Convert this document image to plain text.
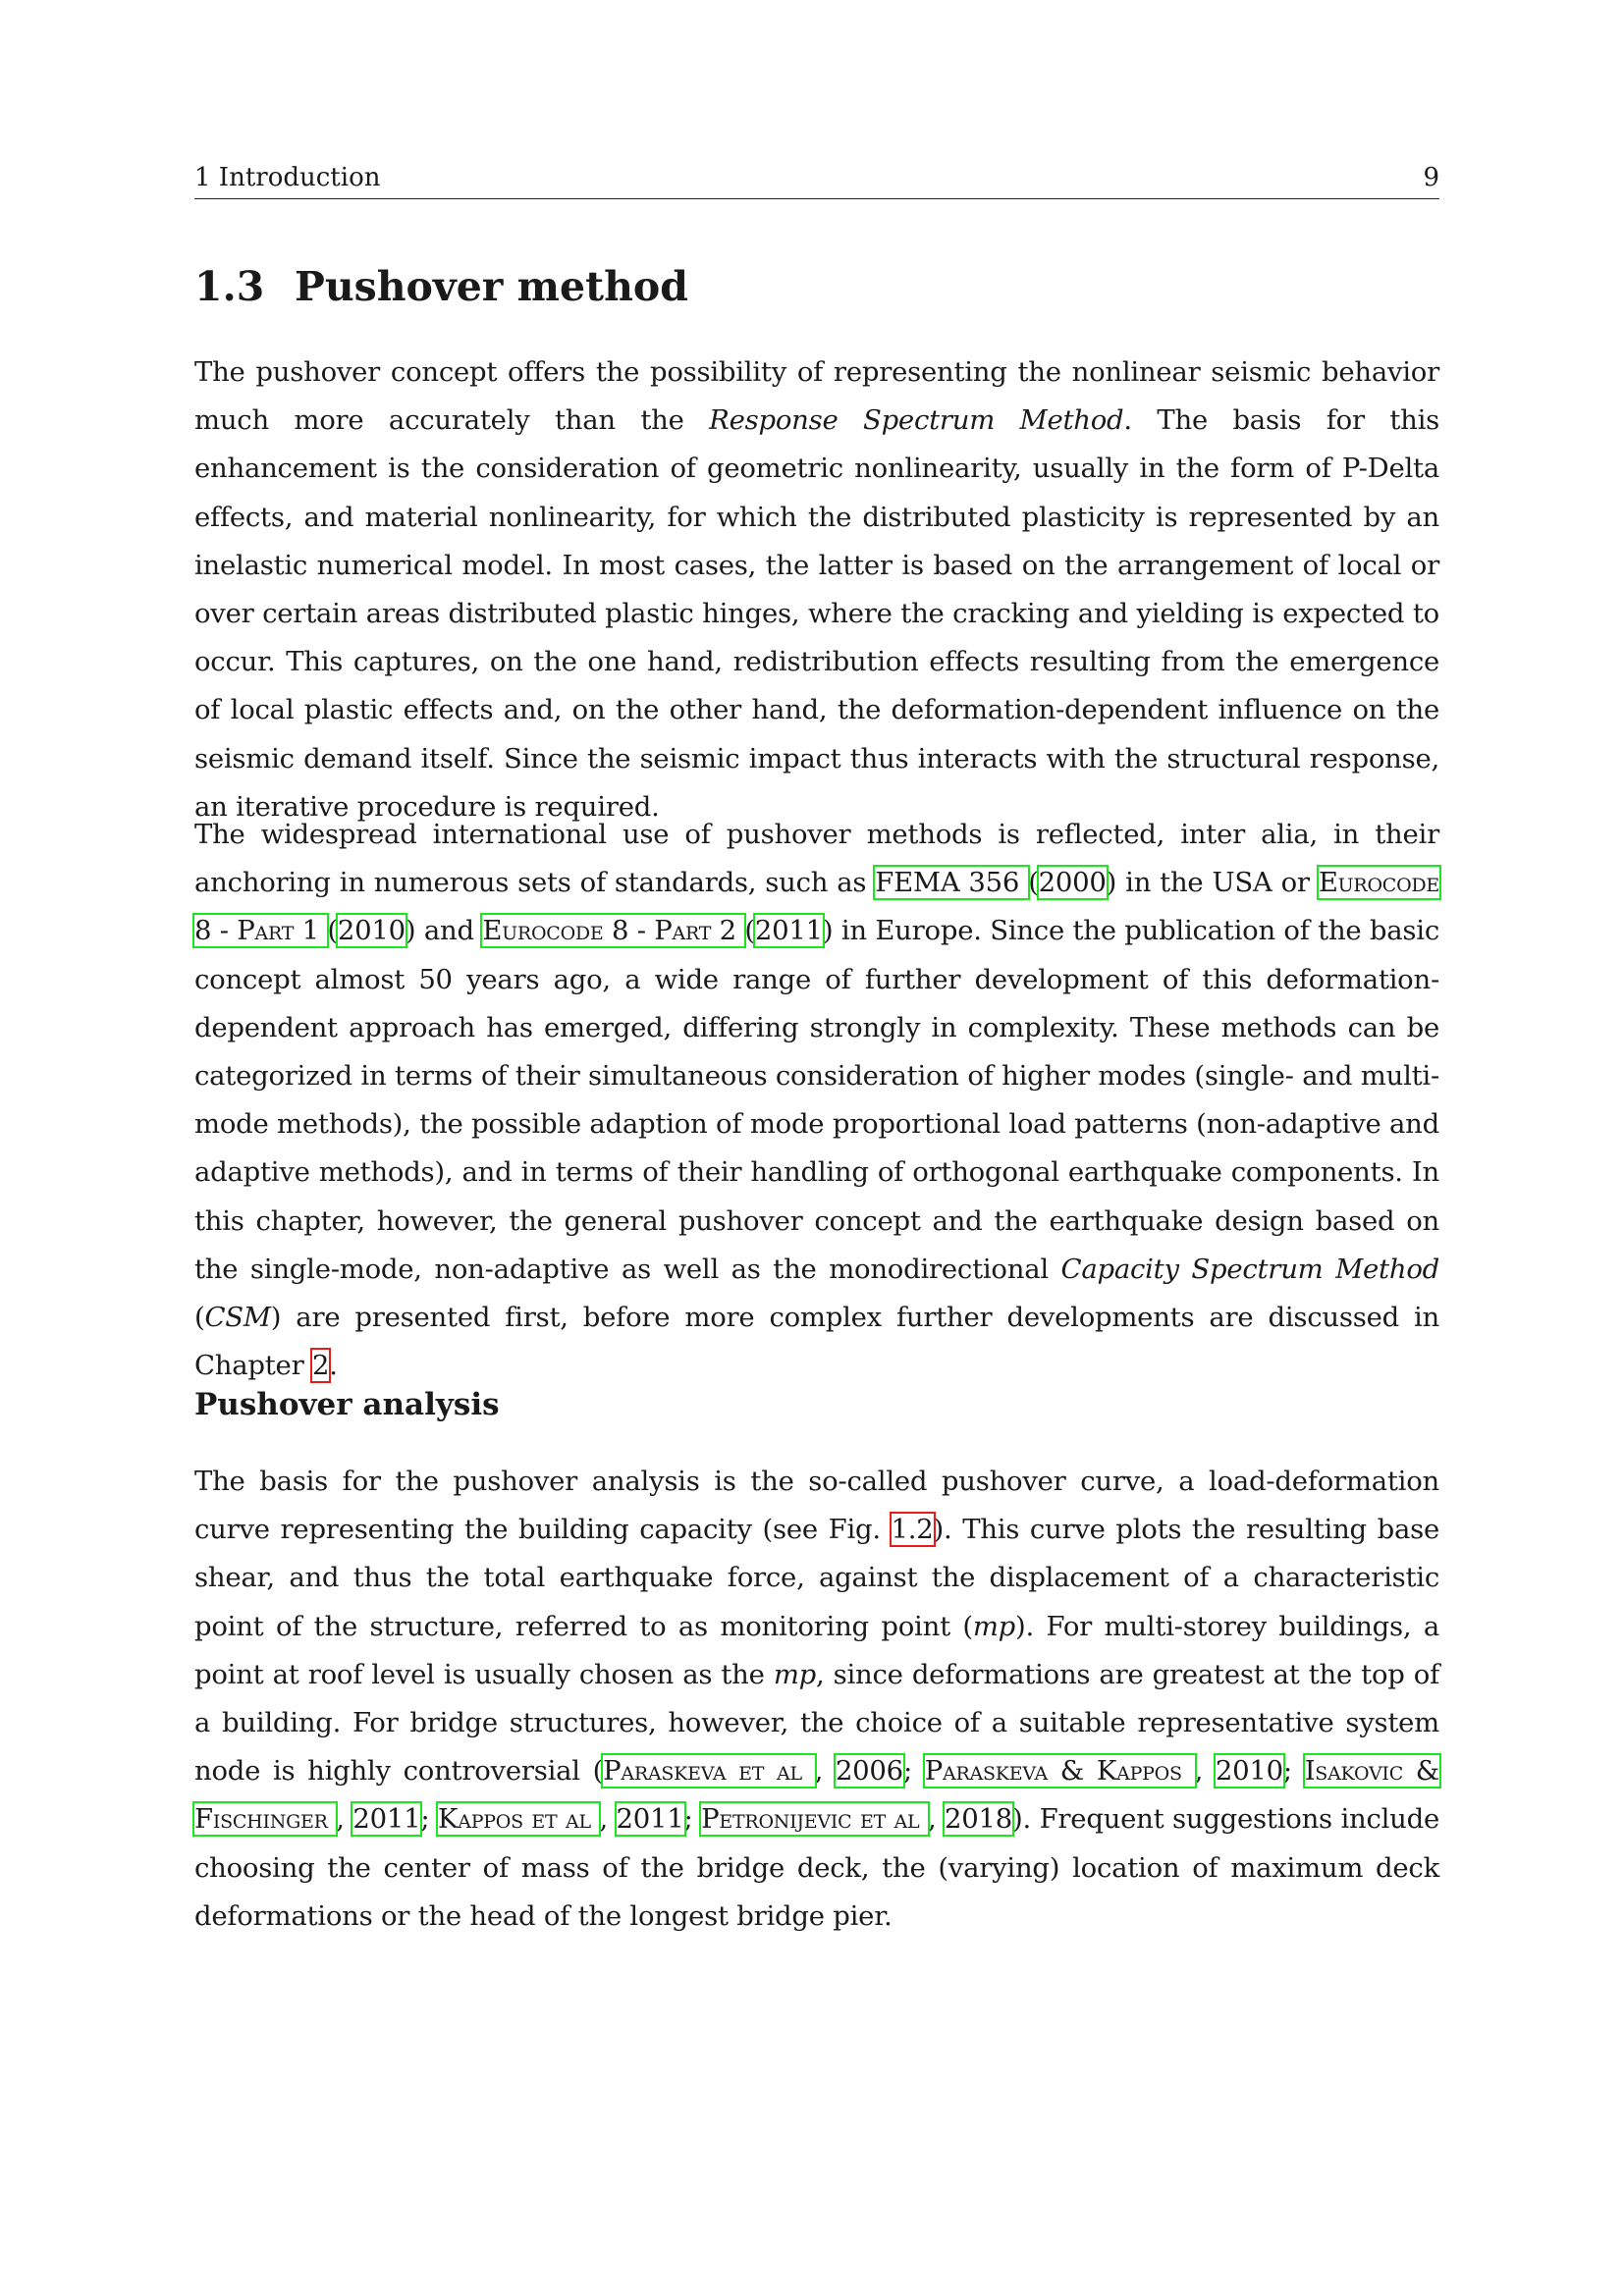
1 Introduction	9
1.3 Pushover method

The pushover concept offers the possibility of representing the nonlinear seismic behavior much more accurately than the Response Spectrum Method. The basis for this enhancement is the consideration of geometric nonlinearity, usually in the form of P-Delta effects, and material nonlinearity, for which the distributed plasticity is represented by an inelastic numerical model. In most cases, the latter is based on the arrangement of local or over certain areas distributed plastic hinges, where the cracking and yielding is expected to occur. This captures, on the one hand, redistribution effects resulting from the emergence of local plastic effects and, on the other hand, the deformation-dependent influence on the seismic demand itself. Since the seismic impact thus interacts with the structural response, an iterative procedure is required.

The widespread international use of pushover methods is reflected, inter alia, in their anchoring in numerous sets of standards, such as FEMA 356 (2000) in the USA or Eurocode 8 - Part 1 (2010) and Eurocode 8 - Part 2 (2011) in Europe. Since the publication of the basic concept almost 50 years ago, a wide range of further development of this deformation-dependent approach has emerged, differing strongly in complexity. These methods can be categorized in terms of their simultaneous consideration of higher modes (single- and multi-mode methods), the possible adaption of mode proportional load patterns (non-adaptive and adaptive methods), and in terms of their handling of orthogonal earthquake components. In this chapter, however, the general pushover concept and the earthquake design based on the single-mode, non-adaptive as well as the monodirectional Capacity Spectrum Method (CSM) are presented first, before more complex further developments are discussed in Chapter 2.

Pushover analysis

The basis for the pushover analysis is the so-called pushover curve, a load-deformation curve representing the building capacity (see Fig. 1.2). This curve plots the resulting base shear, and thus the total earthquake force, against the displacement of a characteristic point of the structure, referred to as monitoring point (mp). For multi-storey buildings, a point at roof level is usually chosen as the mp, since deformations are greatest at the top of a building. For bridge structures, however, the choice of a suitable representative system node is highly controversial (Paraskeva et al , 2006; Paraskeva & Kappos , 2010; Isakovic & Fischinger , 2011; Kappos et al , 2011; Petronijevic et al , 2018). Frequent suggestions include choosing the center of mass of the bridge deck, the (varying) location of maximum deck deformations or the head of the longest bridge pier.
